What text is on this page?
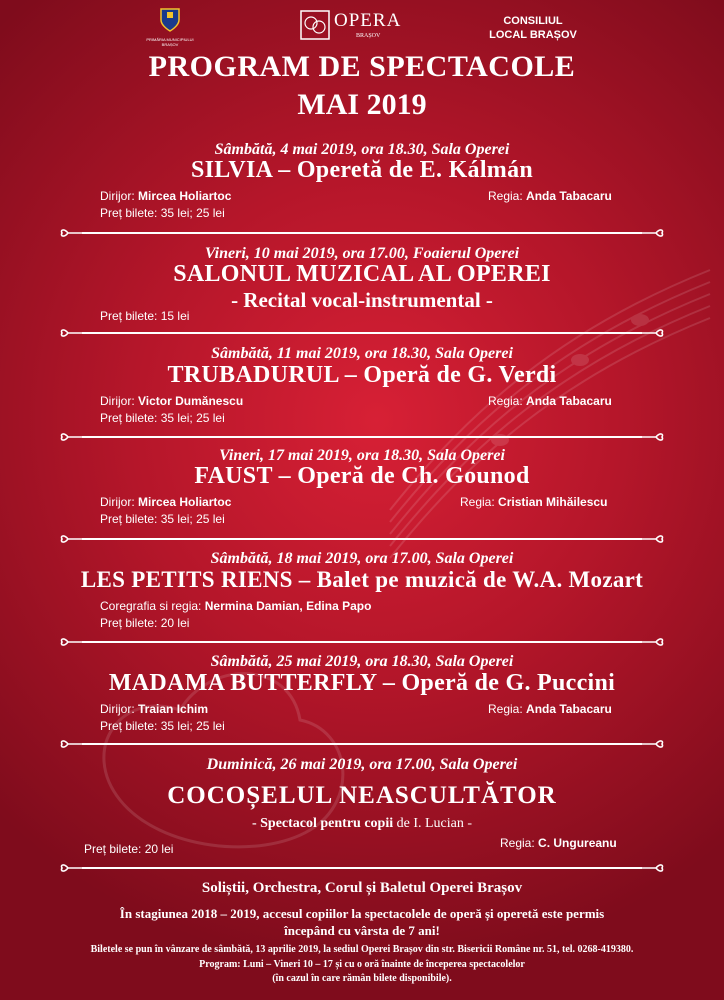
PRIMĂRIA MUNICIPIULUI BRAȘOV
OPERA
BRAȘOV
CONSILIUL
LOCAL BRAȘOV
PROGRAM DE SPECTACOLE
MAI 2019
Sâmbătă, 4 mai 2019, ora 18.30, Sala Operei
SILVIA – Operetă de E. Kálmán
Dirijor: Mircea Holiartoc
Preț bilete: 35 lei; 25 lei
Regia: Anda Tabacaru
Vineri, 10 mai 2019, ora 17.00, Foaierul Operei
SALONUL MUZICAL AL OPEREI
- Recital vocal-instrumental -
Preț bilete: 15 lei
Sâmbătă, 11 mai 2019, ora 18.30, Sala Operei
TRUBADURUL – Operă de G. Verdi
Dirijor: Victor Dumănescu
Preț bilete: 35 lei; 25 lei
Regia: Anda Tabacaru
Vineri, 17 mai 2019, ora 18.30, Sala Operei
FAUST – Operă de Ch. Gounod
Dirijor: Mircea Holiartoc
Preț bilete: 35 lei; 25 lei
Regia: Cristian Mihăilescu
Sâmbătă, 18 mai 2019, ora 17.00, Sala Operei
LES PETITS RIENS – Balet pe muzică de W.A. Mozart
Coregrafia si regia: Nermina Damian, Edina Papo
Preț bilete: 20 lei
Sâmbătă, 25 mai 2019, ora 18.30, Sala Operei
MADAMA BUTTERFLY – Operă de G. Puccini
Dirijor: Traian Ichim
Preț bilete: 35 lei; 25 lei
Regia: Anda Tabacaru
Duminică, 26 mai 2019, ora 17.00, Sala Operei
COCOȘELUL NEASCULTĂTOR
- Spectacol pentru copii de I. Lucian -
Preț bilete: 20 lei	Regia: C. Ungureanu
Soliștii, Orchestra, Corul și Baletul Operei Brașov
În stagiunea 2018 – 2019, accesul copiilor la spectacolele de operă și operetă este permis
începând cu vârsta de 7 ani!
Biletele se pun în vânzare de sâmbătă, 13 aprilie 2019, la sediul Operei Brașov din str. Bisericii Române nr. 51, tel. 0268-419380.
Program: Luni – Vineri 10 – 17 și cu o oră înainte de începerea spectacolelor
(în cazul în care rămân bilete disponibile).
